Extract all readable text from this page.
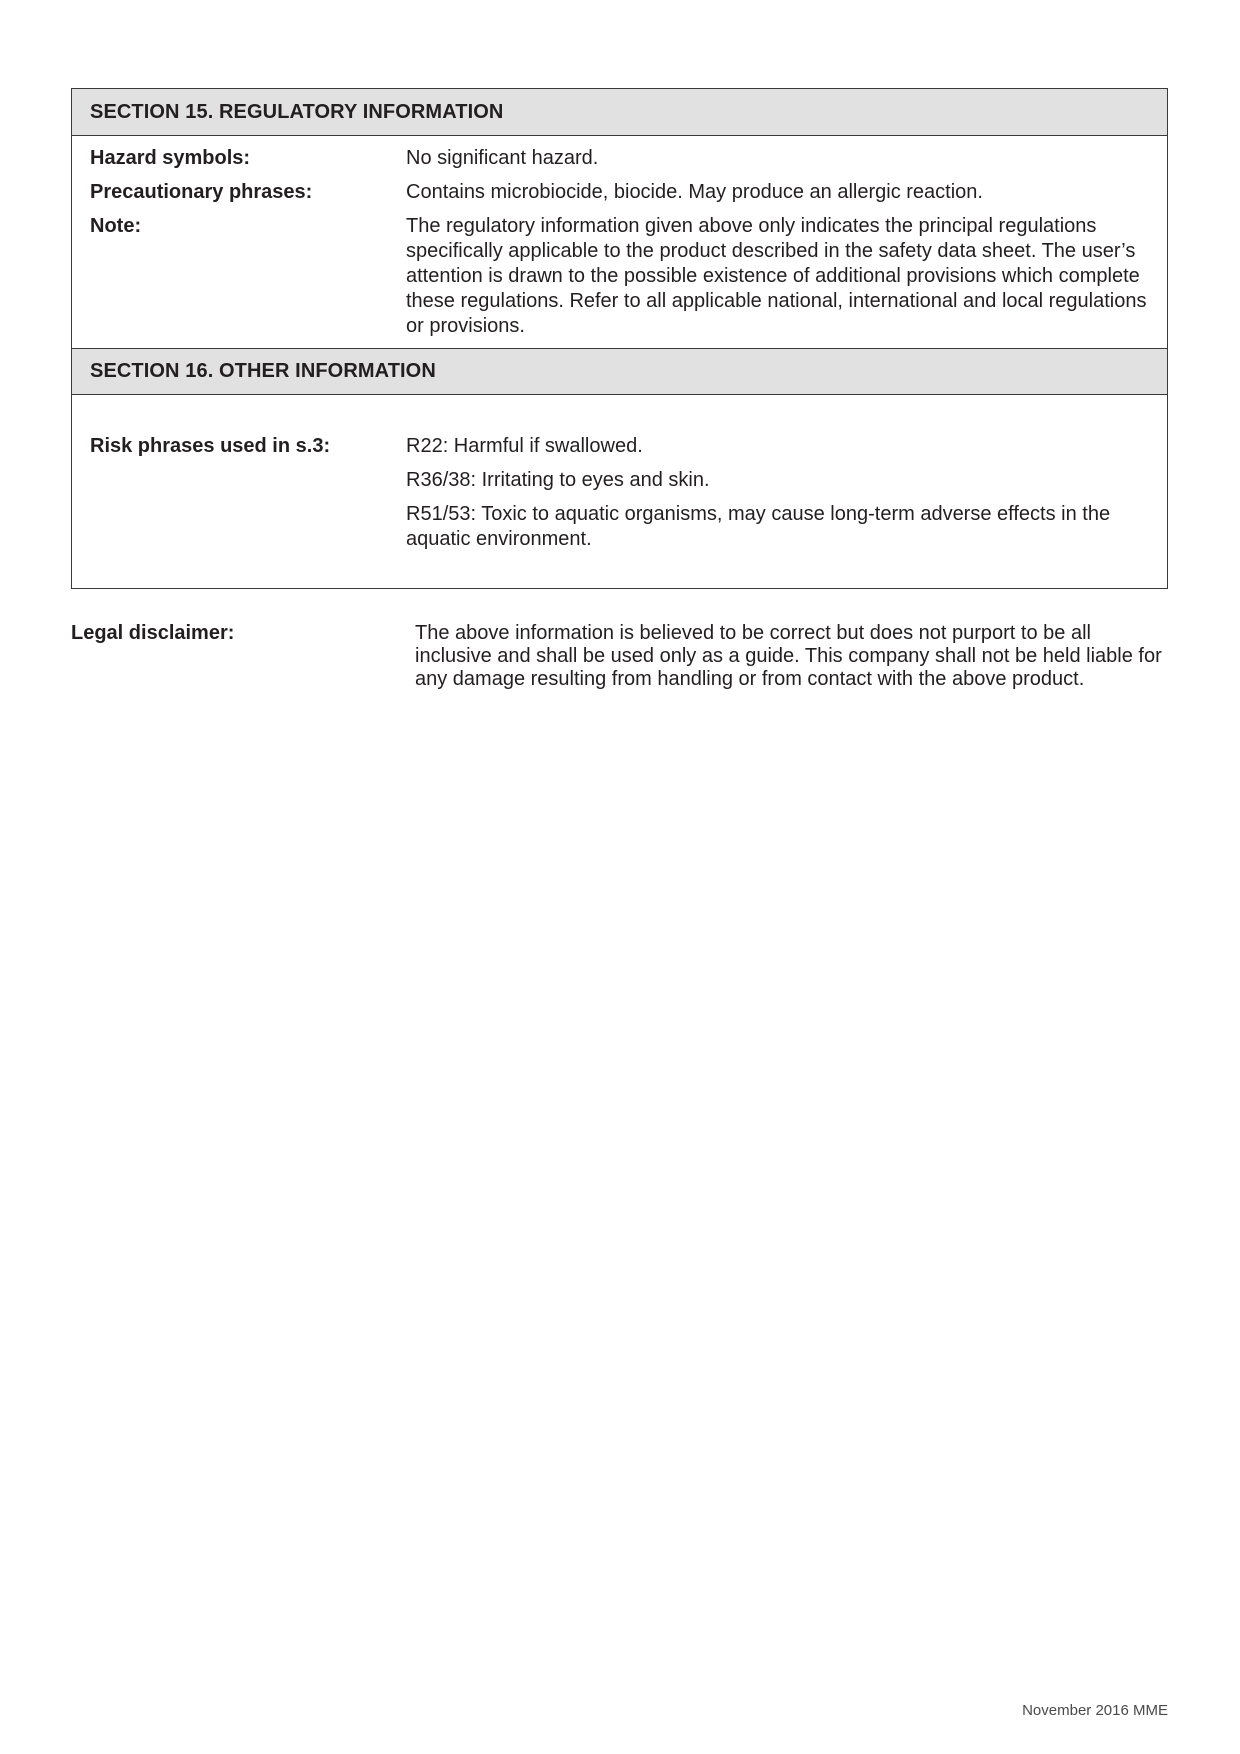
SECTION 15. REGULATORY INFORMATION
Hazard symbols:	No significant hazard.
Precautionary phrases:	Contains microbiocide, biocide. May produce an allergic reaction.
Note:	The regulatory information given above only indicates the principal regulations specifically applicable to the product described in the safety data sheet. The user’s attention is drawn to the possible existence of additional provisions which complete these regulations. Refer to all applicable national, international and local regulations or provisions.
SECTION 16. OTHER INFORMATION
Risk phrases used in s.3:	R22: Harmful if swallowed.
R36/38: Irritating to eyes and skin.
R51/53: Toxic to aquatic organisms, may cause long-term adverse effects in the aquatic environment.
Legal disclaimer:	The above information is believed to be correct but does not purport to be all inclusive and shall be used only as a guide. This company shall not be held liable for any damage resulting from handling or from contact with the above product.
November 2016 MME
